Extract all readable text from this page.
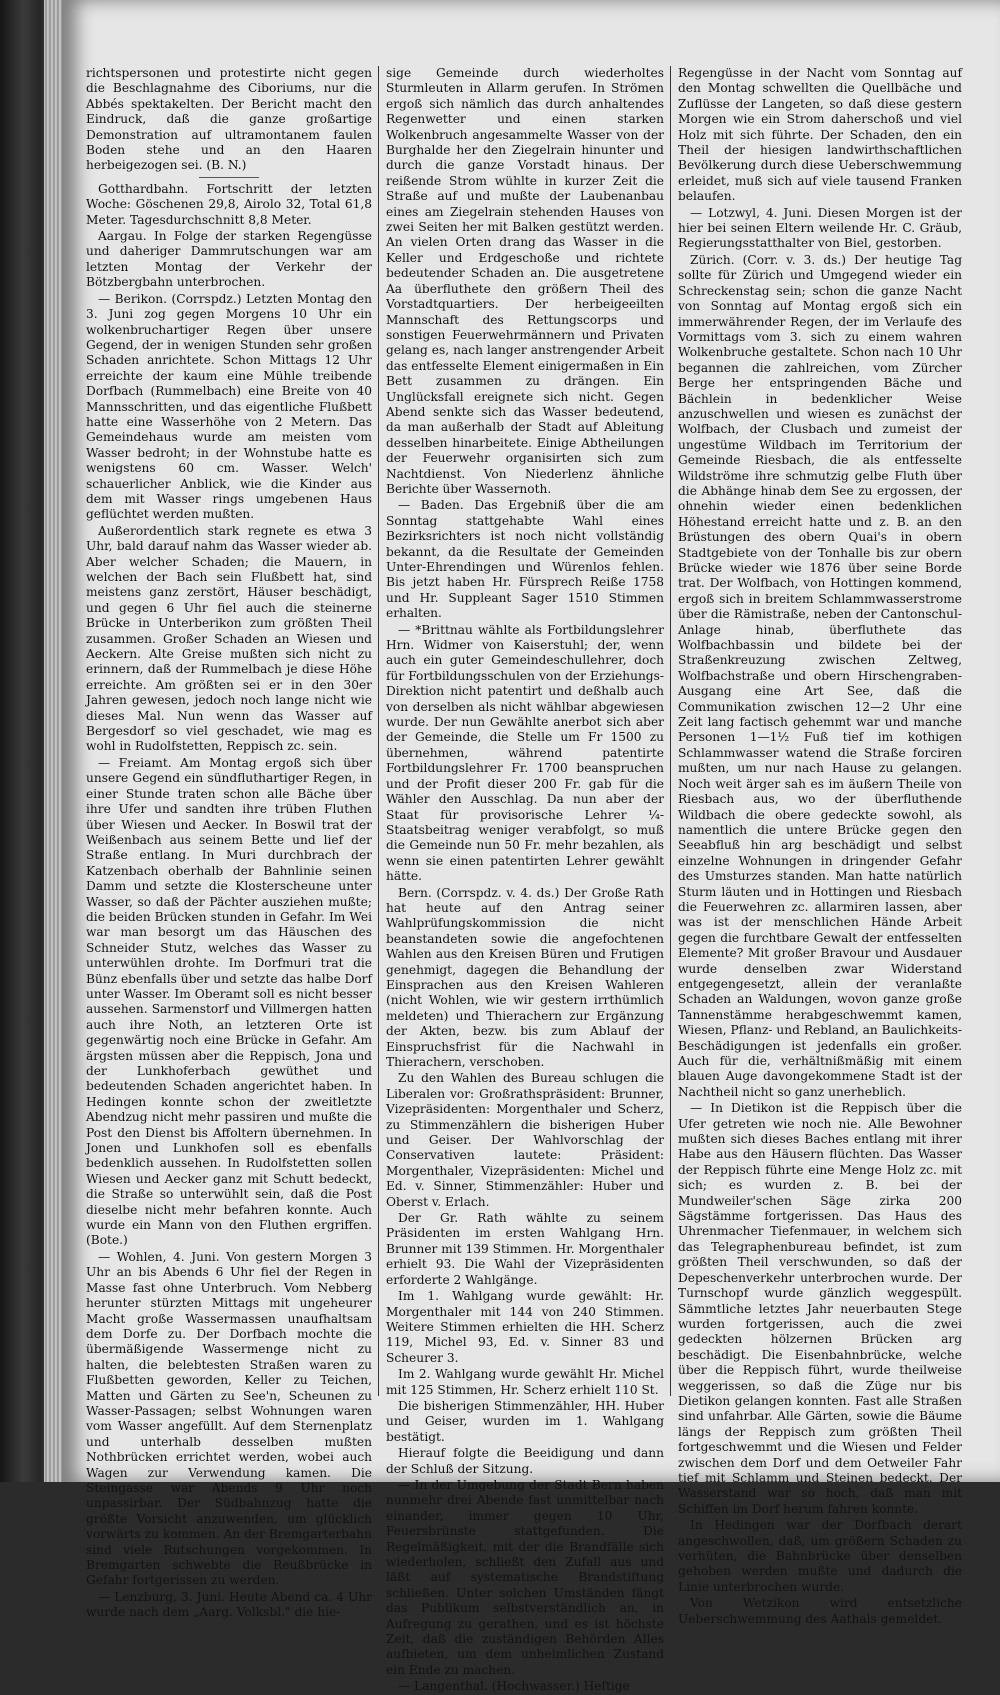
richtspersonen und protestirte nicht gegen die Beschlagnahme des Ciboriums, nur die Abbés spektakelten. Der Bericht macht den Eindruck, daß die ganze großartige Demonstration auf ultramontanem faulen Boden stehe und an den Haaren herbeigezogen sei. (B. N.)

Gotthardbahn. Fortschritt der letzten Woche: Göschenen 29,8, Airolo 32, Total 61,8 Meter. Tagesdurchschnitt 8,8 Meter.

Aargau. In Folge der starken Regengüsse und daheriger Dammrutschungen war am letzten Montag der Verkehr der Bötzbergbahn unterbrochen.

— Berikon. (Corrspdz.) Letzten Montag den 3. Juni zog gegen Morgens 10 Uhr ein wolkenbruchartiger Regen über unsere Gegend, der in wenigen Stunden sehr großen Schaden anrichtete. Schon Mittags 12 Uhr erreichte der kaum eine Mühle treibende Dorfbach (Rummelbach) eine Breite von 40 Mannsschritten, und das eigentliche Flußbett hatte eine Wasserhöhe von 2 Metern. Das Gemeindehaus wurde am meisten vom Wasser bedroht; in der Wohnstube hatte es wenigstens 60 cm. Wasser. Welch' schauerlicher Anblick, wie die Kinder aus dem mit Wasser rings umgebenen Haus geflüchtet werden mußten.

Außerordentlich stark regnete es etwa 3 Uhr, bald darauf nahm das Wasser wieder ab. Aber welcher Schaden; die Mauern, in welchen der Bach sein Flußbett hat, sind meistens ganz zerstört, Häuser beschädigt, und gegen 6 Uhr fiel auch die steinerne Brücke in Unterberikon zum größten Theil zusammen. Großer Schaden an Wiesen und Aeckern. Alte Greise mußten sich nicht zu erinnern, daß der Rummelbach je diese Höhe erreichte. Am größten sei er in den 30er Jahren gewesen, jedoch noch lange nicht wie dieses Mal. Nun wenn das Wasser auf Bergesdorf so viel geschadet, wie mag es wohl in Rudolfstetten, Reppisch zc. sein.

— Freiamt. Am Montag ergoß sich über unsere Gegend ein sündfluthartiger Regen, in einer Stunde traten schon alle Bäche über ihre Ufer und sandten ihre trüben Fluthen über Wiesen und Aecker. In Boswil trat der Weißenbach aus seinem Bette und lief der Straße entlang. In Muri durchbrach der Katzenbach oberhalb der Bahnlinie seinen Damm und setzte die Klosterscheune unter Wasser, so daß der Pächter ausziehen mußte; die beiden Brücken stunden in Gefahr. Im Wei war man besorgt um das Häuschen des Schneider Stutz, welches das Wasser zu unterwühlen drohte. Im Dorfmuri trat die Bünz ebenfalls über und setzte das halbe Dorf unter Wasser. Im Oberamt soll es nicht besser aussehen. Sarmenstorf und Villmergen hatten auch ihre Noth, an letzteren Orte ist gegenwärtig noch eine Brücke in Gefahr. Am ärgsten müssen aber die Reppisch, Jona und der Lunkhoferbach gewüthet und bedeutenden Schaden angerichtet haben. In Hedingen konnte schon der zweitletzte Abendzug nicht mehr passiren und mußte die Post den Dienst bis Affoltern übernehmen. In Jonen und Lunkhofen soll es ebenfalls bedenklich aussehen. In Rudolfstetten sollen Wiesen und Aecker ganz mit Schutt bedeckt, die Straße so unterwühlt sein, daß die Post dieselbe nicht mehr befahren konnte. Auch wurde ein Mann von den Fluthen ergriffen. (Bote.)

— Wohlen, 4. Juni. Von gestern Morgen 3 Uhr an bis Abends 6 Uhr fiel der Regen in Masse fast ohne Unterbruch. Vom Nebberg herunter stürzten Mittags mit ungeheurer Macht große Wassermassen unaufhaltsam dem Dorfe zu. Der Dorfbach mochte die übermäßigende Wassermenge nicht zu halten, die belebtesten Straßen waren zu Flußbetten geworden, Keller zu Teichen, Matten und Gärten zu See'n, Scheunen zu Wasser-Passagen; selbst Wohnungen waren vom Wasser angefüllt. Auf dem Sternenplatz und unterhalb desselben mußten Nothbrücken errichtet werden, wobei auch Wagen zur Verwendung kamen. Die Steingasse war Abends 9 Uhr noch unpassirbar. Der Südbahnzug hatte die größte Vorsicht anzuwenden, um glücklich vorwärts zu kommen. An der Bremgarterbahn sind viele Rutschungen vorgekommen. In Bremgarten schwebte die Reußbrücke in Gefahr fortgerissen zu werden.

— Lenzburg, 3. Juni. Heute Abend ca. 4 Uhr wurde nach dem „Aarg. Volksbl." die hie-

sige Gemeinde durch wiederholtes Sturmleuten in Allarm gerufen. In Strömen ergoß sich nämlich das durch anhaltendes Regenwetter und einen starken Wolkenbruch angesammelte Wasser von der Burghalde her den Ziegelrain hinunter und durch die ganze Vorstadt hinaus. Der reißende Strom wühlte in kurzer Zeit die Straße auf und mußte der Laubenanbau eines am Ziegelrain stehenden Hauses von zwei Seiten her mit Balken gestützt werden. An vielen Orten drang das Wasser in die Keller und Erdgeschoße und richtete bedeutender Schaden an. Die ausgetretene Aa überfluthete den größern Theil des Vorstadtquartiers. Der herbeigeeilten Mannschaft des Rettungscorps und sonstigen Feuerwehrmännern und Privaten gelang es, nach langer anstrengender Arbeit das entfesselte Element einigermaßen in Ein Bett zusammen zu drängen. Ein Unglücksfall ereignete sich nicht. Gegen Abend senkte sich das Wasser bedeutend, da man außerhalb der Stadt auf Ableitung desselben hinarbeitete. Einige Abtheilungen der Feuerwehr organisirten sich zum Nachtdienst. Von Niederlenz ähnliche Berichte über Wassernoth.

— Baden. Das Ergebniß über die am Sonntag stattgehabte Wahl eines Bezirksrichters ist noch nicht vollständig bekannt, da die Resultate der Gemeinden Unter-Ehrendingen und Würenlos fehlen. Bis jetzt haben Hr. Fürsprech Reiße 1758 und Hr. Suppleant Sager 1510 Stimmen erhalten.

— *Brittnau wählte als Fortbildungslehrer Hrn. Widmer von Kaiserstuhl; der, wenn auch ein guter Gemeindeschullehrer, doch für Fortbildungsschulen von der Erziehungs-Direktion nicht patentirt und deßhalb auch von derselben als nicht wählbar abgewiesen wurde. Der nun Gewählte anerbot sich aber der Gemeinde, die Stelle um Fr 1500 zu übernehmen, während patentirte Fortbildungslehrer Fr. 1700 beanspruchen und der Profit dieser 200 Fr. gab für die Wähler den Ausschlag. Da nun aber der Staat für provisorische Lehrer ¼-Staatsbeitrag weniger verabfolgt, so muß die Gemeinde nun 50 Fr. mehr bezahlen, als wenn sie einen patentirten Lehrer gewählt hätte.

Bern. (Corrspdz. v. 4. ds.) Der Große Rath hat heute auf den Antrag seiner Wahlprüfungskommission die nicht beanstandeten sowie die angefochtenen Wahlen aus den Kreisen Büren und Frutigen genehmigt, dagegen die Behandlung der Einsprachen aus den Kreisen Wahleren (nicht Wohlen, wie wir gestern irrthümlich meldeten) und Thierachern zur Ergänzung der Akten, bezw. bis zum Ablauf der Einspruchsfrist für die Nachwahl in Thierachern, verschoben.

Zu den Wahlen des Bureau schlugen die Liberalen vor: Großrathspräsident: Brunner, Vizepräsidenten: Morgenthaler und Scherz, zu Stimmenzählern die bisherigen Huber und Geiser. Der Wahlvorschlag der Conservativen lautete: Präsident: Morgenthaler, Vizepräsidenten: Michel und Ed. v. Sinner, Stimmenzähler: Huber und Oberst v. Erlach.

Der Gr. Rath wählte zu seinem Präsidenten im ersten Wahlgang Hrn. Brunner mit 139 Stimmen. Hr. Morgenthaler erhielt 93. Die Wahl der Vizepräsidenten erforderte 2 Wahlgänge.

Im 1. Wahlgang wurde gewählt: Hr. Morgenthaler mit 144 von 240 Stimmen. Weitere Stimmen erhielten die HH. Scherz 119, Michel 93, Ed. v. Sinner 83 und Scheurer 3.

Im 2. Wahlgang wurde gewählt Hr. Michel mit 125 Stimmen, Hr. Scherz erhielt 110 St.

Die bisherigen Stimmenzähler, HH. Huber und Geiser, wurden im 1. Wahlgang bestätigt.

Hierauf folgte die Beeidigung und dann der Schluß der Sitzung.

— In der Umgebung der Stadt Bern haben nunmehr drei Abende fast unmittelbar nach einander, immer gegen 10 Uhr, Feuersbrünste stattgefunden. Die Regelmäßigkeit, mit der die Brandfälle sich wiederholen, schließt den Zufall aus und läßt auf systematische Brandstiftung schließen. Unter solchen Umständen fängt das Publikum selbstverständlich an, in Aufregung zu gerathen, und es ist höchste Zeit, daß die zuständigen Behörden Alles aufbieten, um dem unheimlichen Zustand ein Ende zu machen.

— Langenthal. (Hochwasser.) Heftige

Regengüsse in der Nacht vom Sonntag auf den Montag schwellten die Quellbäche und Zuflüsse der Langeten, so daß diese gestern Morgen wie ein Strom daherschoß und viel Holz mit sich führte. Der Schaden, den ein Theil der hiesigen landwirthschaftlichen Bevölkerung durch diese Ueberschwemmung erleidet, muß sich auf viele tausend Franken belaufen.

— Lotzwyl, 4. Juni. Diesen Morgen ist der hier bei seinen Eltern weilende Hr. C. Gräub, Regierungsstatthalter von Biel, gestorben.

Zürich. (Corr. v. 3. ds.) Der heutige Tag sollte für Zürich und Umgegend wieder ein Schreckenstag sein; schon die ganze Nacht von Sonntag auf Montag ergoß sich ein immerwährender Regen, der im Verlaufe des Vormittags vom 3. sich zu einem wahren Wolkenbruche gestaltete. Schon nach 10 Uhr begannen die zahlreichen, vom Zürcher Berge her entspringenden Bäche und Bächlein in bedenklicher Weise anzuschwellen und wiesen es zunächst der Wolfbach, der Clusbach und zumeist der ungestüme Wildbach im Territorium der Gemeinde Riesbach, die als entfesselte Wildströme ihre schmutzig gelbe Fluth über die Abhänge hinab dem See zu ergossen, der ohnehin wieder einen bedenklichen Höhestand erreicht hatte und z. B. an den Brüstungen des obern Quai's in obern Stadtgebiete von der Tonhalle bis zur obern Brücke wieder wie 1876 über seine Borde trat. Der Wolfbach, von Hottingen kommend, ergoß sich in breitem Schlammwasserstrome über die Rämistraße, neben der Cantonschul-Anlage hinab, überfluthete das Wolfbachbassin und bildete bei der Straßenkreuzung zwischen Zeltweg, Wolfbachstraße und obern Hirschengraben-Ausgang eine Art See, daß die Communikation zwischen 12—2 Uhr eine Zeit lang factisch gehemmt war und manche Personen 1—1½ Fuß tief im kothigen Schlammwasser watend die Straße forciren mußten, um nur nach Hause zu gelangen. Noch weit ärger sah es im äußern Theile von Riesbach aus, wo der überfluthende Wildbach die obere gedeckte sowohl, als namentlich die untere Brücke gegen den Seeabfluß hin arg beschädigt und selbst einzelne Wohnungen in dringender Gefahr des Umsturzes standen. Man hatte natürlich Sturm läuten und in Hottingen und Riesbach die Feuerwehren zc. allarmiren lassen, aber was ist der menschlichen Hände Arbeit gegen die furchtbare Gewalt der entfesselten Elemente? Mit großer Bravour und Ausdauer wurde denselben zwar Widerstand entgegengesetzt, allein der veranlaßte Schaden an Waldungen, wovon ganze große Tannenstämme herabgeschwemmt kamen, Wiesen, Pflanz- und Rebland, an Baulichkeits-Beschädigungen ist jedenfalls ein großer. Auch für die, verhältnißmäßig mit einem blauen Auge davongekommene Stadt ist der Nachtheil nicht so ganz unerheblich.

— In Dietikon ist die Reppisch über die Ufer getreten wie noch nie. Alle Bewohner mußten sich dieses Baches entlang mit ihrer Habe aus den Häusern flüchten. Das Wasser der Reppisch führte eine Menge Holz zc. mit sich; es wurden z. B. bei der Mundweiler'schen Säge zirka 200 Sägstämme fortgerissen. Das Haus des Uhrenmacher Tiefenmauer, in welchem sich das Telegraphenbureau befindet, ist zum größten Theil verschwunden, so daß der Depeschenverkehr unterbrochen wurde. Der Turnschopf wurde gänzlich weggespült. Sämmtliche letztes Jahr neuerbauten Stege wurden fortgerissen, auch die zwei gedeckten hölzernen Brücken arg beschädigt. Die Eisenbahnbrücke, welche über die Reppisch führt, wurde theilweise weggerissen, so daß die Züge nur bis Dietikon gelangen konnten. Fast alle Straßen sind unfahrbar. Alle Gärten, sowie die Bäume längs der Reppisch zum größten Theil fortgeschwemmt und die Wiesen und Felder zwischen dem Dorf und dem Oetweiler Fahr tief mit Schlamm und Steinen bedeckt. Der Wasserstand war so hoch, daß man mit Schiffen im Dorf herum fahren konnte.

In Hedingen war der Dorfbach derart angeschwollen, daß, um größern Schaden zu verhüten, die Bahnbrücke über denselben gehoben werden mußte und dadurch die Linie unterbrochen wurde.

Von Wetzikon wird entsetzliche Ueberschwemmung des Aathals gemeldet.
